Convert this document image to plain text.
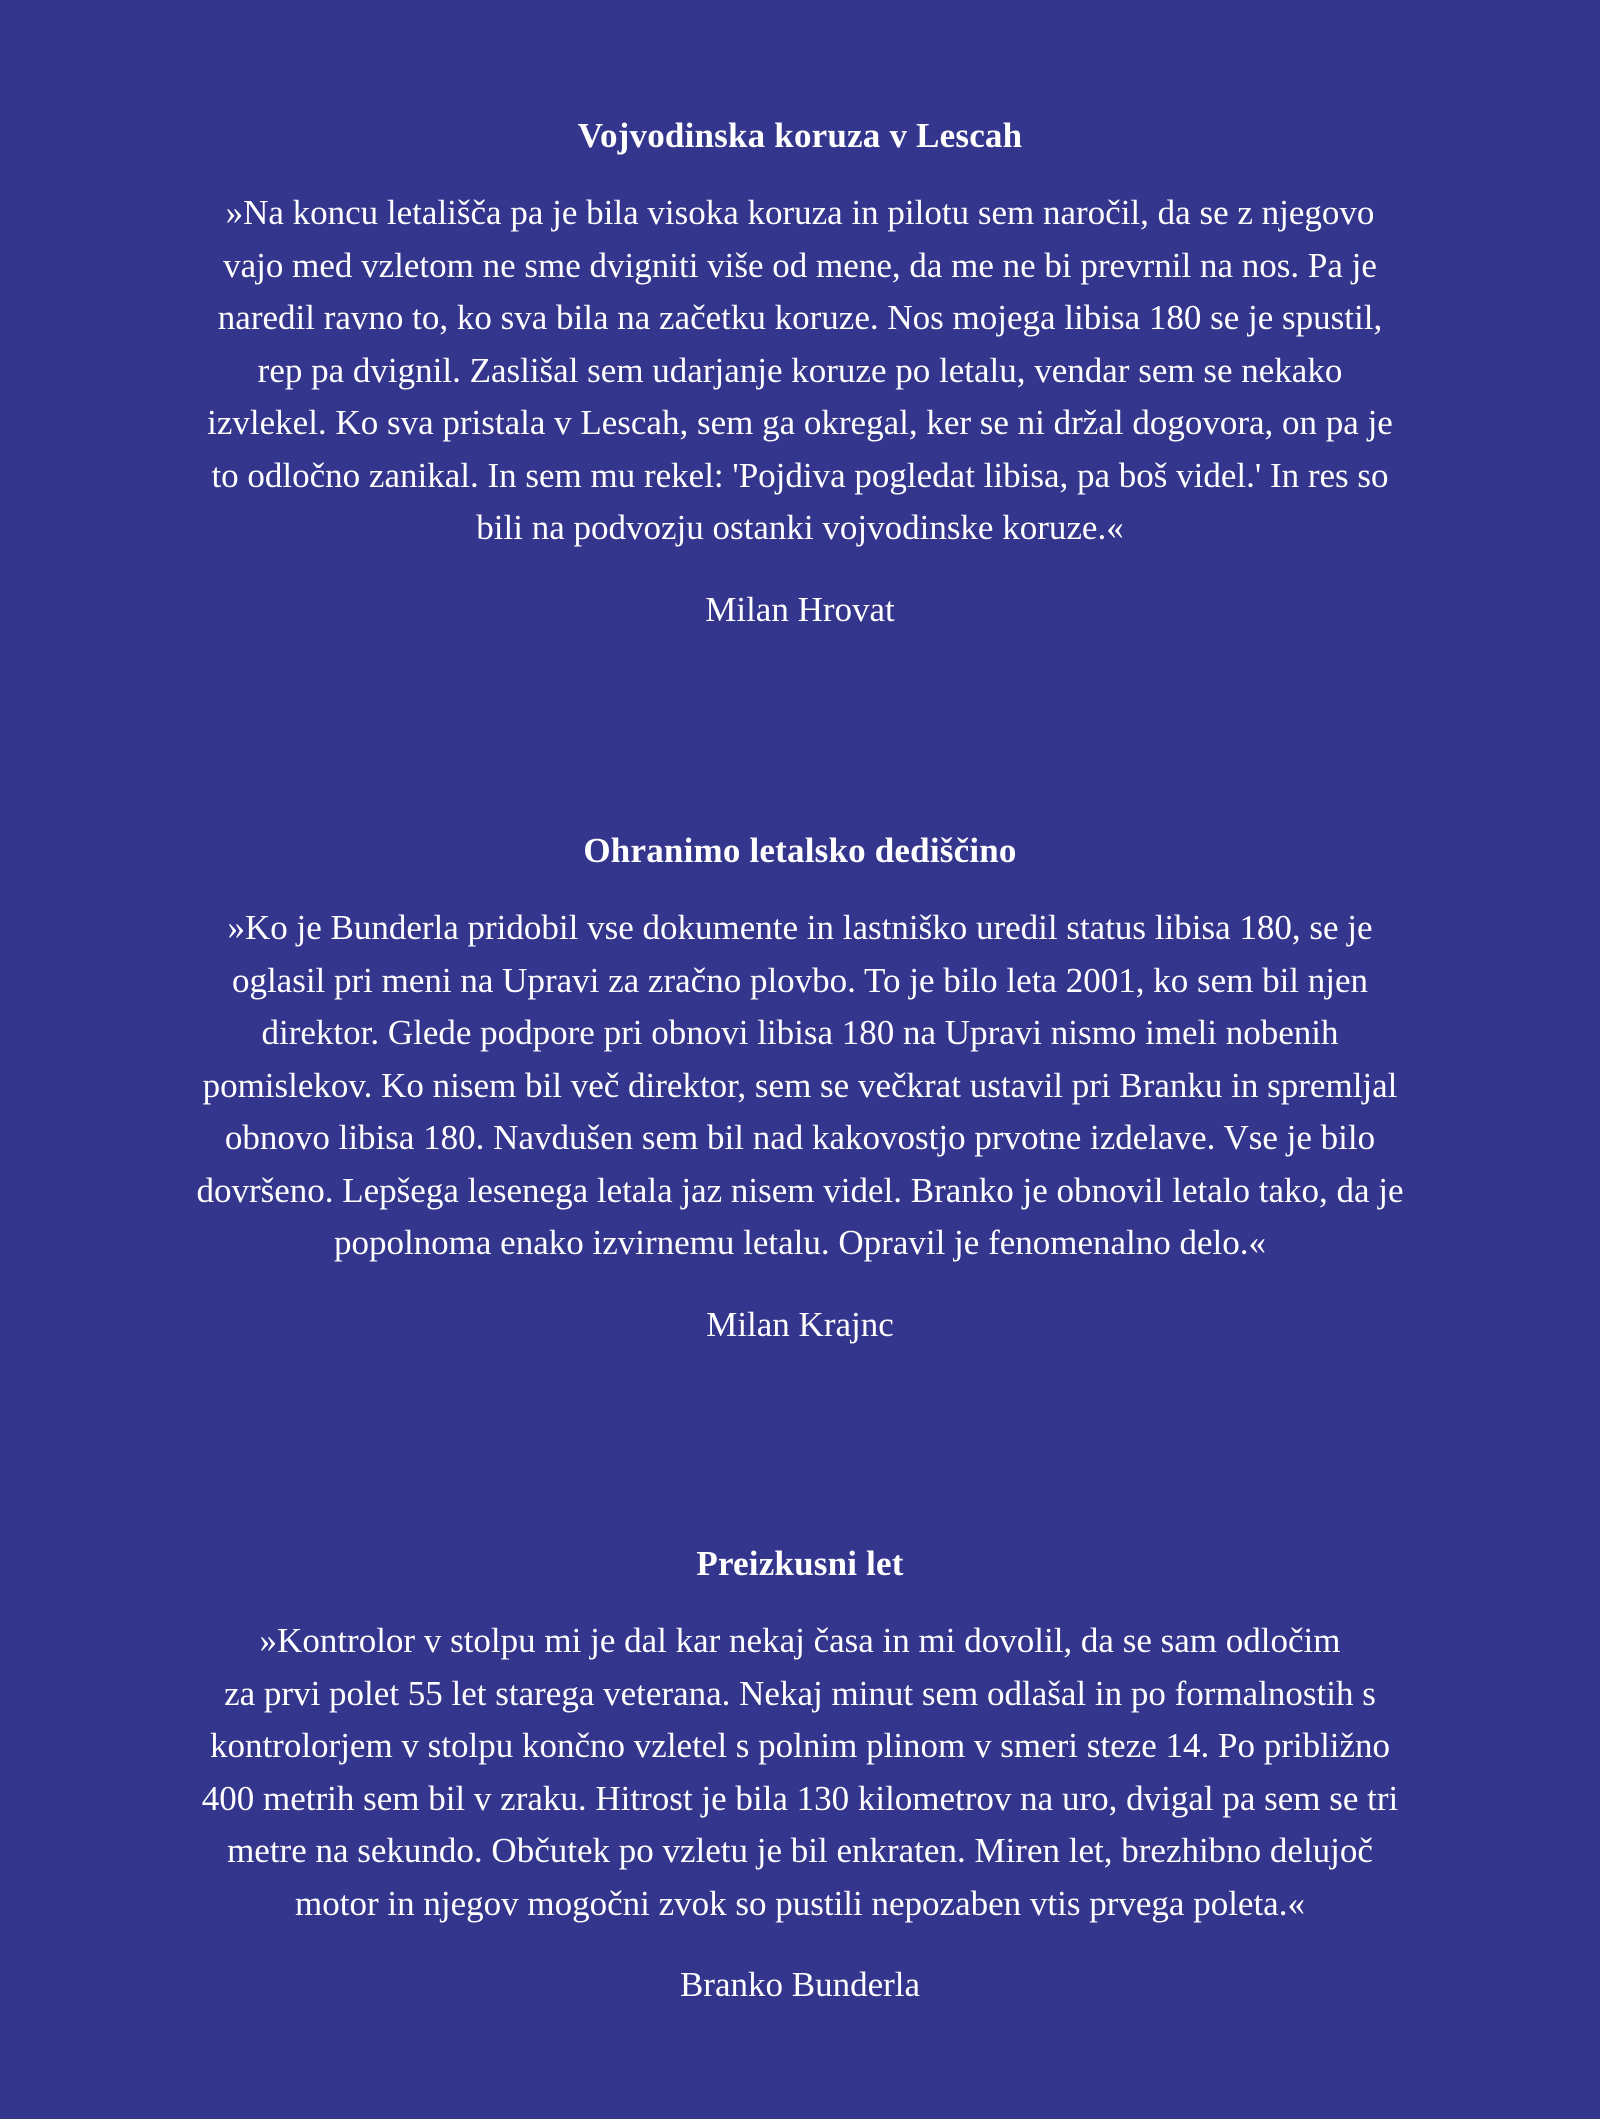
Vojvodinska koruza v Lescah

»Na koncu letališča pa je bila visoka koruza in pilotu sem naročil, da se z njegovo
vajo med vzletom ne sme dvigniti više od mene, da me ne bi prevrnil na nos. Pa je
naredil ravno to, ko sva bila na začetku koruze. Nos mojega libisa 180 se je spustil,
rep pa dvignil. Zaslišal sem udarjanje koruze po letalu, vendar sem se nekako
izvlekel. Ko sva pristala v Lescah, sem ga okregal, ker se ni držal dogovora, on pa je
to odločno zanikal. In sem mu rekel: 'Pojdiva pogledat libisa, pa boš videl.' In res so
bili na podvozju ostanki vojvodinske koruze.«

Milan Hrovat

Ohranimo letalsko dediščino

»Ko je Bunderla pridobil vse dokumente in lastniško uredil status libisa 180, se je
oglasil pri meni na Upravi za zračno plovbo. To je bilo leta 2001, ko sem bil njen
direktor. Glede podpore pri obnovi libisa 180 na Upravi nismo imeli nobenih
pomislekov. Ko nisem bil več direktor, sem se večkrat ustavil pri Branku in spremljal
obnovo libisa 180. Navdušen sem bil nad kakovostjo prvotne izdelave. Vse je bilo
dovršeno. Lepšega lesenega letala jaz nisem videl. Branko je obnovil letalo tako, da je
popolnoma enako izvirnemu letalu. Opravil je fenomenalno delo.«

Milan Krajnc

Preizkusni let

»Kontrolor v stolpu mi je dal kar nekaj časa in mi dovolil, da se sam odločim
za prvi polet 55 let starega veterana. Nekaj minut sem odlašal in po formalnostih s
kontrolorjem v stolpu končno vzletel s polnim plinom v smeri steze 14. Po približno
400 metrih sem bil v zraku. Hitrost je bila 130 kilometrov na uro, dvigal pa sem se tri
metre na sekundo. Občutek po vzletu je bil enkraten. Miren let, brezhibno delujoč
motor in njegov mogočni zvok so pustili nepozaben vtis prvega poleta.«

Branko Bunderla
